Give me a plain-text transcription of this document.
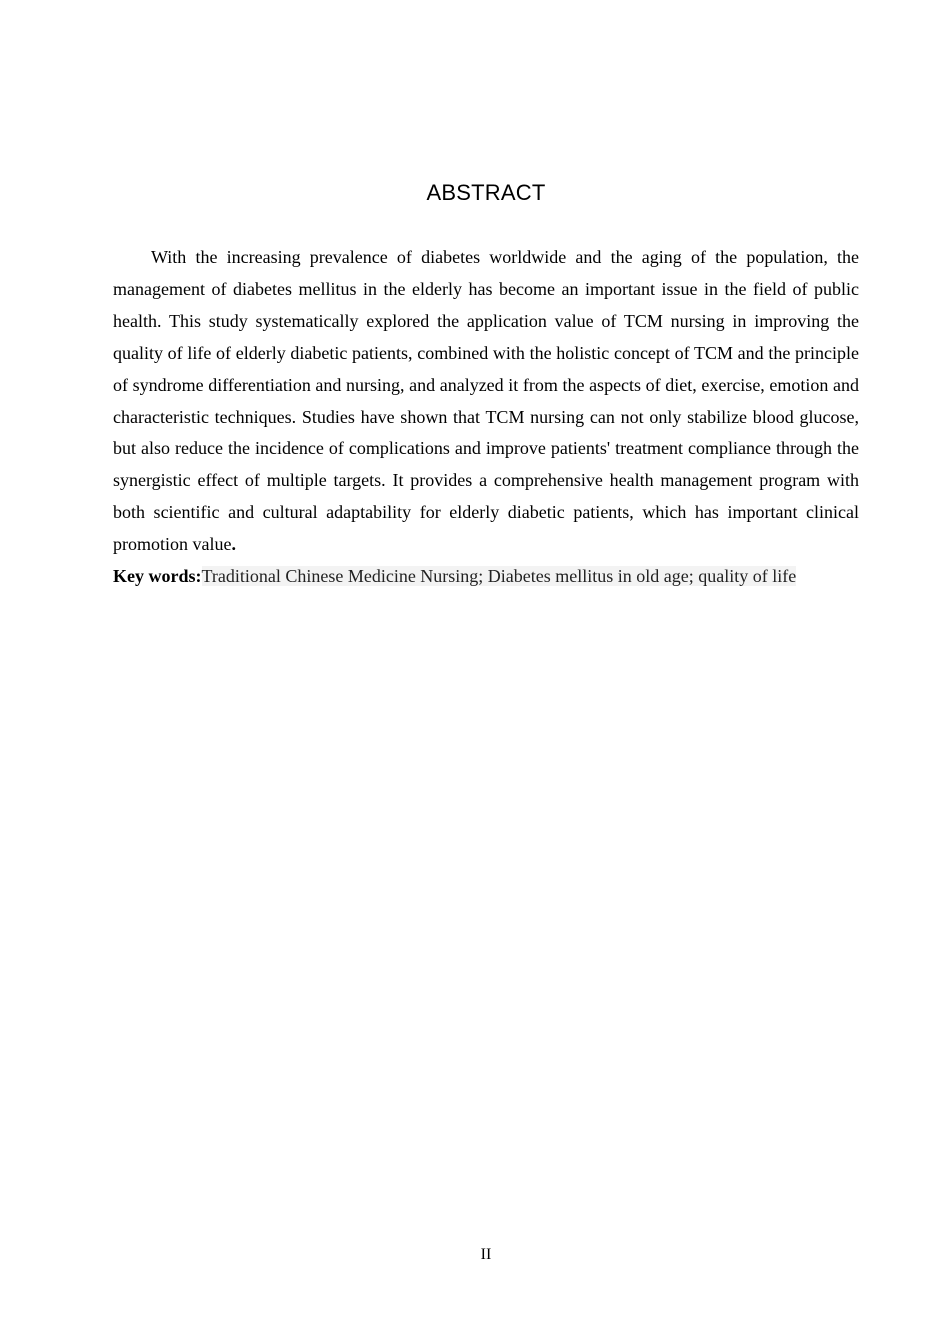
ABSTRACT

With the increasing prevalence of diabetes worldwide and the aging of the population, the management of diabetes mellitus in the elderly has become an important issue in the field of public health. This study systematically explored the application value of TCM nursing in improving the quality of life of elderly diabetic patients, combined with the holistic concept of TCM and the principle of syndrome differentiation and nursing, and analyzed it from the aspects of diet, exercise, emotion and characteristic techniques. Studies have shown that TCM nursing can not only stabilize blood glucose, but also reduce the incidence of complications and improve patients' treatment compliance through the synergistic effect of multiple targets. It provides a comprehensive health management program with both scientific and cultural adaptability for elderly diabetic patients, which has important clinical promotion value.

Key words:Traditional Chinese Medicine Nursing; Diabetes mellitus in old age; quality of life

II
